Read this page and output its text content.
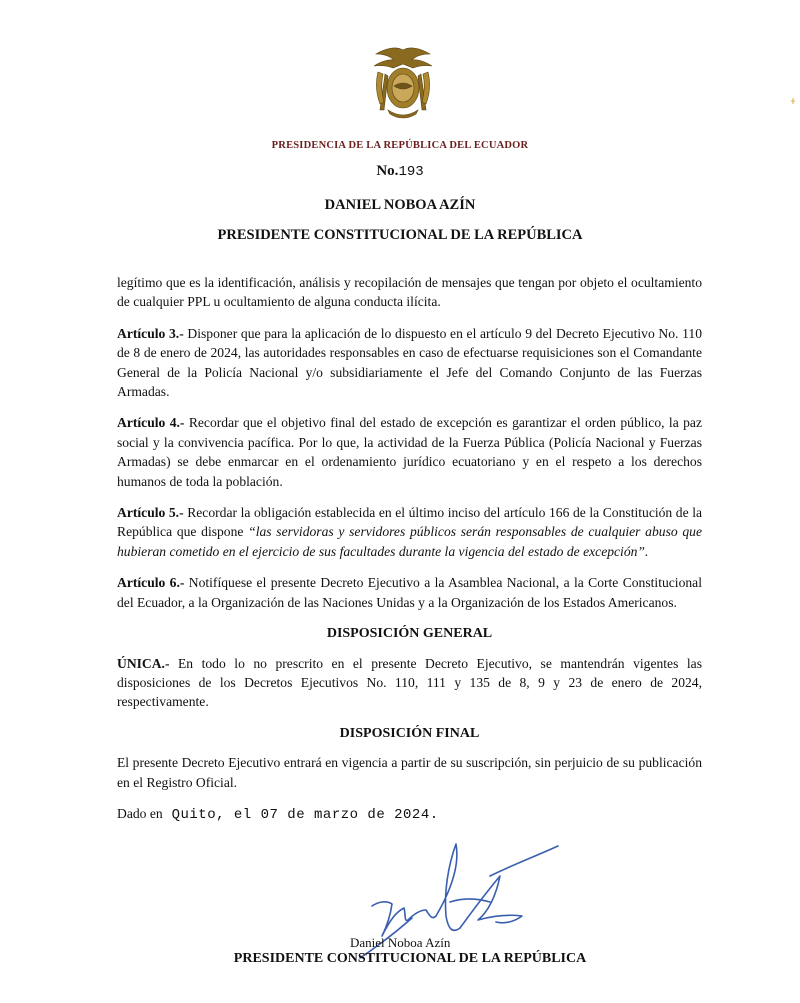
PRESIDENCIA DE LA REPÚBLICA DEL ECUADOR
No.193
DANIEL NOBOA AZÍN
PRESIDENTE CONSTITUCIONAL DE LA REPÚBLICA

legítimo que es la identificación, análisis y recopilación de mensajes que tengan por objeto el ocultamiento de cualquier PPL u ocultamiento de alguna conducta ilícita.

Artículo 3.- Disponer que para la aplicación de lo dispuesto en el artículo 9 del Decreto Ejecutivo No. 110 de 8 de enero de 2024, las autoridades responsables en caso de efectuarse requisiciones son el Comandante General de la Policía Nacional y/o subsidiariamente el Jefe del Comando Conjunto de las Fuerzas Armadas.

Artículo 4.- Recordar que el objetivo final del estado de excepción es garantizar el orden público, la paz social y la convivencia pacífica. Por lo que, la actividad de la Fuerza Pública (Policía Nacional y Fuerzas Armadas) se debe enmarcar en el ordenamiento jurídico ecuatoriano y en el respeto a los derechos humanos de toda la población.

Artículo 5.- Recordar la obligación establecida en el último inciso del artículo 166 de la Constitución de la República que dispone “las servidoras y servidores públicos serán responsables de cualquier abuso que hubieran cometido en el ejercicio de sus facultades durante la vigencia del estado de excepción”.

Artículo 6.- Notifíquese el presente Decreto Ejecutivo a la Asamblea Nacional, a la Corte Constitucional del Ecuador, a la Organización de las Naciones Unidas y a la Organización de los Estados Americanos.

DISPOSICIÓN GENERAL

ÚNICA.- En todo lo no prescrito en el presente Decreto Ejecutivo, se mantendrán vigentes las disposiciones de los Decretos Ejecutivos No. 110, 111 y 135 de 8, 9 y 23 de enero de 2024, respectivamente.

DISPOSICIÓN FINAL

El presente Decreto Ejecutivo entrará en vigencia a partir de su suscripción, sin perjuicio de su publicación en el Registro Oficial.

Dado en Quito, el 07 de marzo de 2024.

Daniel Noboa Azín
PRESIDENTE CONSTITUCIONAL DE LA REPÚBLICA
